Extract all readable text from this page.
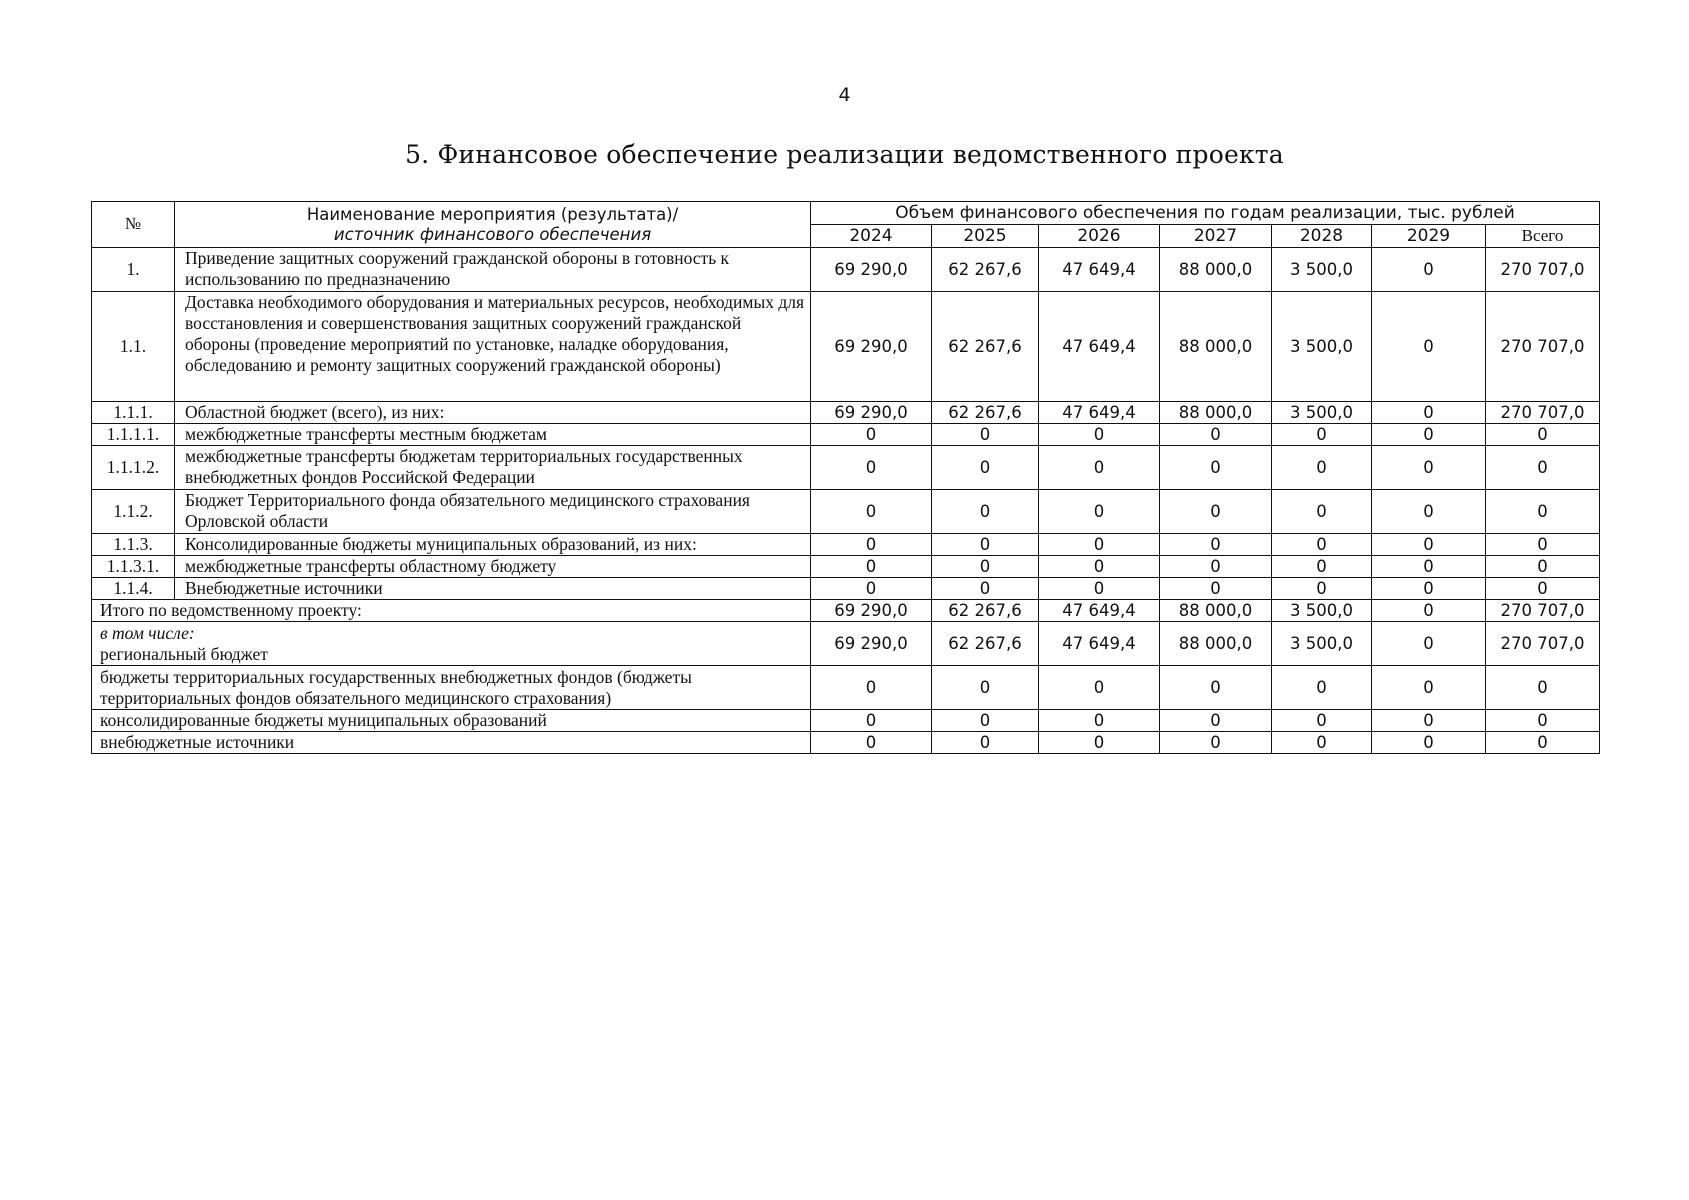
4
5. Финансовое обеспечение реализации ведомственного проекта
№	Наименование мероприятия (результата)/
источник финансового обеспечения	Объем финансового обеспечения по годам реализации, тыс. рублей						
		2024	2025	2026	2027	2028	2029	Всего
1.	Приведение защитных сооружений гражданской обороны в готовность к использованию по предназначению	69 290,0	62 267,6	47 649,4	88 000,0	3 500,0	0	270 707,0
1.1.	Доставка необходимого оборудования и материальных ресурсов, необходимых для восстановления и совершенствования защитных сооружений гражданской обороны (проведение мероприятий по установке, наладке оборудования, обследованию и ремонту защитных сооружений гражданской обороны)	69 290,0	62 267,6	47 649,4	88 000,0	3 500,0	0	270 707,0
1.1.1.	Областной бюджет (всего), из них:	69 290,0	62 267,6	47 649,4	88 000,0	3 500,0	0	270 707,0
1.1.1.1.	межбюджетные трансферты местным бюджетам	0	0	0	0	0	0	0
1.1.1.2.	межбюджетные трансферты бюджетам территориальных государственных внебюджетных фондов Российской Федерации	0	0	0	0	0	0	0
1.1.2.	Бюджет Территориального фонда обязательного медицинского страхования Орловской области	0	0	0	0	0	0	0
1.1.3.	Консолидированные бюджеты муниципальных образований, из них:	0	0	0	0	0	0	0
1.1.3.1.	межбюджетные трансферты областному бюджету	0	0	0	0	0	0	0
1.1.4.	Внебюджетные источники	0	0	0	0	0	0	0

Итого по ведомственному проекту:		69 290,0	62 267,6	47 649,4	88 000,0	3 500,0	0	270 707,0

в том числе:
региональный бюджет		69 290,0	62 267,6	47 649,4	88 000,0	3 500,0	0	270 707,0

бюджеты территориальных государственных внебюджетных фондов (бюджеты территориальных фондов обязательного медицинского страхования)		0	0	0	0	0	0	0

консолидированные бюджеты муниципальных образований		0	0	0	0	0	0	0

внебюджетные источники		0	0	0	0	0	0	0
